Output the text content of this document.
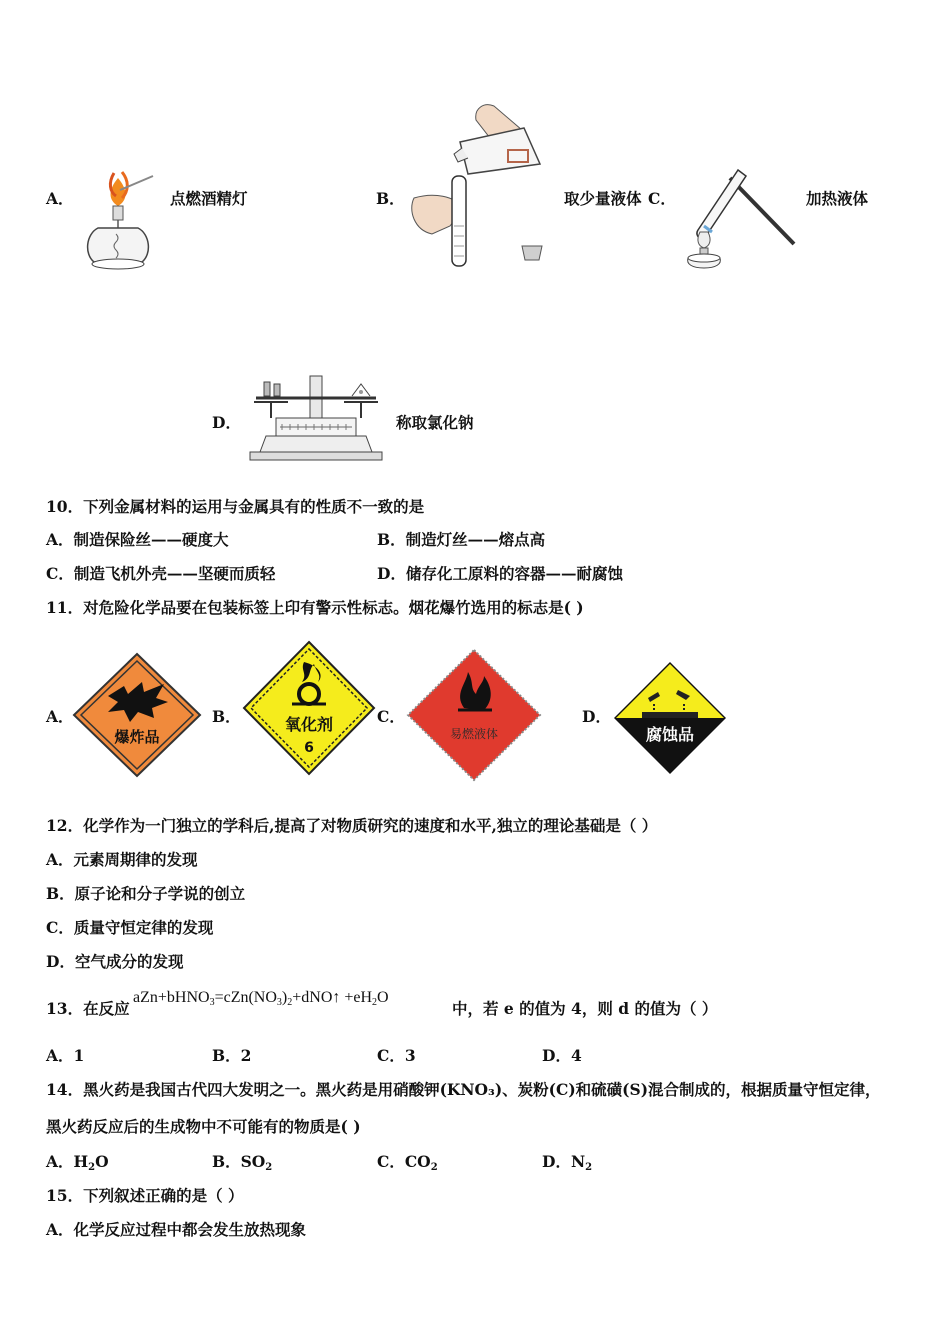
A．	点燃酒精灯	B．	取少量液体 C．	加热液体
D．	称取氯化钠
10．下列金属材料的运用与金属具有的性质不一致的是
A．制造保险丝——硬度大	B．制造灯丝——熔点高
C．制造飞机外壳——坚硬而质轻	D．储存化工原料的容器——耐腐蚀
11．对危险化学品要在包装标签上印有警示性标志。烟花爆竹选用的标志是( )
A．
爆炸品
B．	氧化剂
6
C．
易燃液体
D．
腐蚀品
12．化学作为一门独立的学科后,提高了对物质研究的速度和水平,独立的理论基础是（ ）
A．元素周期律的发现
B．原子论和分子学说的创立
C．质量守恒定律的发现
D．空气成分的发现
13．在反应
$aZn+bHNO_3=cZn(NO_3)_2+dNO↑ +eH_2O$
中，若 e 的值为 4，则 d 的值为（ ）
A．1	B．2	C．3	D．4
14．黑火药是我国古代四大发明之一。黑火药是用硝酸钾(KNO₃)、炭粉(C)和硫磺(S)混合制成的，根据质量守恒定律，
黑火药反应后的生成物中不可能有的物质是( )
A．$H_2O$	B．$SO_2$	C．$CO_2$	D．$N_2$
15．下列叙述正确的是（ ）
A．化学反应过程中都会发生放热现象
